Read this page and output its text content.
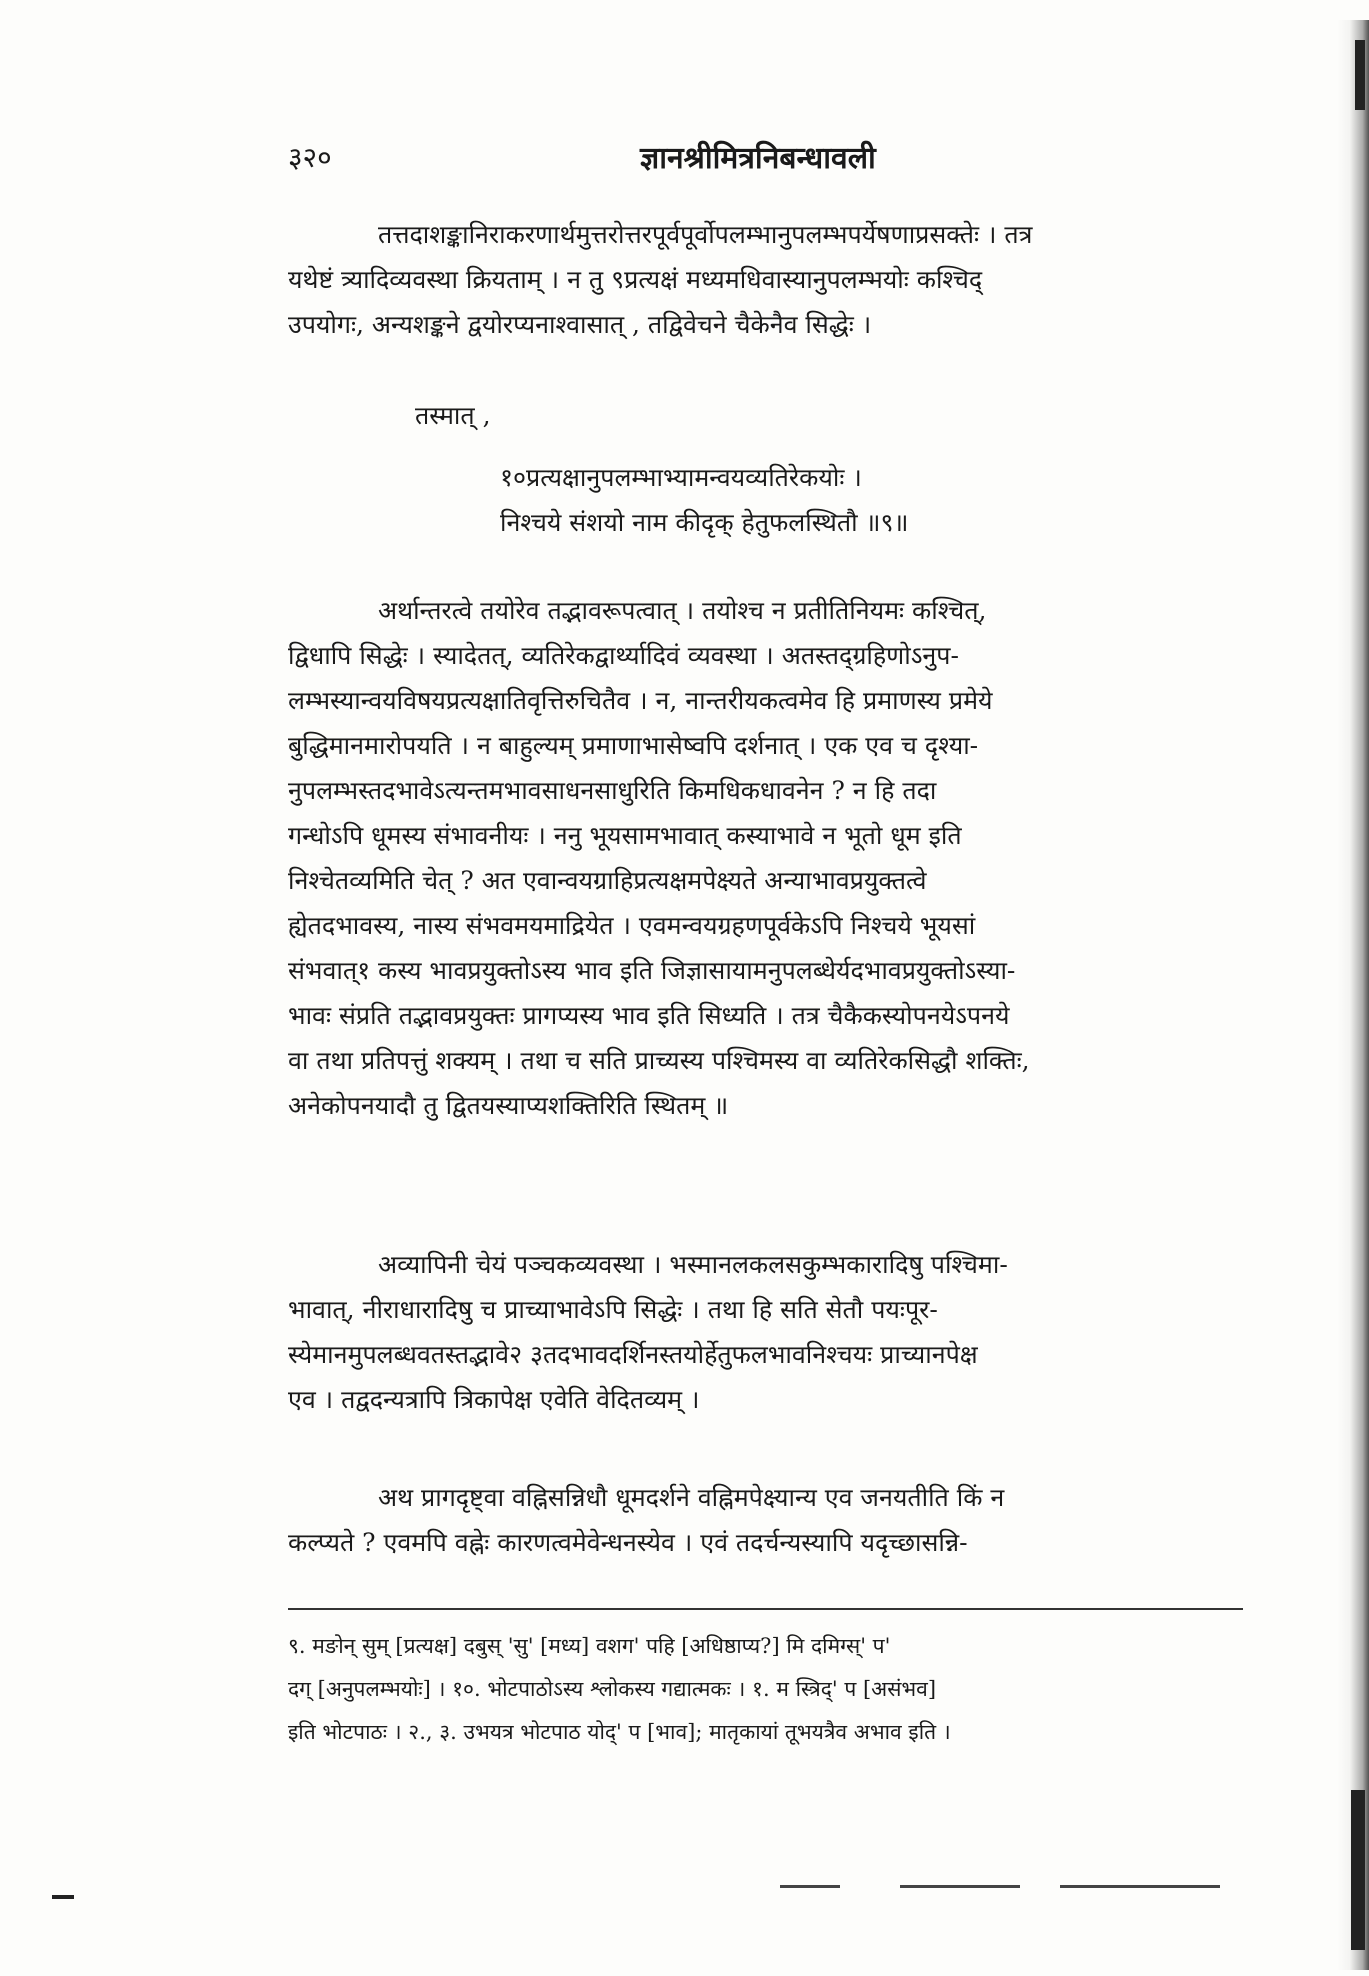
३२०	ज्ञानश्रीमित्रनिबन्धावली
तत्तदाशङ्कानिराकरणार्थमुत्तरोत्तरपूर्वपूर्वोपलम्भानुपलम्भपर्येषणाप्रसक्तेः । तत्र
यथेष्टं त्र्यादिव्यवस्था क्रियताम् । न तु ९प्रत्यक्षं मध्यमधिवास्यानुपलम्भयोः कश्चिद्
उपयोगः, अन्यशङ्कने द्वयोरप्यनाश्वासात् , तद्विवेचने चैकेनैव सिद्धेः ।
तस्मात् ,
१०प्रत्यक्षानुपलम्भाभ्यामन्वयव्यतिरेकयोः ।
निश्चये संशयो नाम कीदृक् हेतुफलस्थितौ ॥९॥
अर्थान्तरत्वे तयोरेव तद्भावरूपत्वात् । तयोश्च न प्रतीतिनियमः कश्चित्,
द्विधापि सिद्धेः । स्यादेतत्, व्यतिरेकद्वार्थ्यादिवं व्यवस्था । अतस्तद्ग्रहिणोऽनुप-
लम्भस्यान्वयविषयप्रत्यक्षातिवृत्तिरुचितैव । न, नान्तरीयकत्वमेव हि प्रमाणस्य प्रमेये
बुद्धिमानमारोपयति । न बाहुल्यम् प्रमाणाभासेष्वपि दर्शनात् । एक एव च दृश्या-
नुपलम्भस्तदभावेऽत्यन्तमभावसाधनसाधुरिति किमधिकधावनेन ? न हि तदा
गन्धोऽपि धूमस्य संभावनीयः । ननु भूयसामभावात् कस्याभावे न भूतो धूम इति
निश्चेतव्यमिति चेत् ? अत एवान्वयग्राहिप्रत्यक्षमपेक्ष्यते अन्याभावप्रयुक्तत्वे
ह्येतदभावस्य, नास्य संभवमयमाद्रियेत । एवमन्वयग्रहणपूर्वकेऽपि निश्चये भूयसां
संभवात्१ कस्य भावप्रयुक्तोऽस्य भाव इति जिज्ञासायामनुपलब्धेर्यदभावप्रयुक्तोऽस्या-
भावः संप्रति तद्भावप्रयुक्तः प्रागप्यस्य भाव इति सिध्यति । तत्र चैकैकस्योपनयेऽपनये
वा तथा प्रतिपत्तुं शक्यम् । तथा च सति प्राच्यस्य पश्चिमस्य वा व्यतिरेकसिद्धौ शक्तिः,
अनेकोपनयादौ तु द्वितयस्याप्यशक्तिरिति स्थितम् ॥
अव्यापिनी चेयं पञ्चकव्यवस्था । भस्मानलकलसकुम्भकारादिषु पश्चिमा-
भावात्, नीराधारादिषु च प्राच्याभावेऽपि सिद्धेः । तथा हि सति सेतौ पयःपूर-
स्येमानमुपलब्धवतस्तद्भावे२ ३तदभावदर्शिनस्तयोर्हेतुफलभावनिश्चयः प्राच्यानपेक्ष
एव । तद्वदन्यत्रापि त्रिकापेक्ष एवेति वेदितव्यम् ।
अथ प्रागदृष्ट्वा वह्निसन्निधौ धूमदर्शने वह्निमपेक्ष्यान्य एव जनयतीति किं न
कल्प्यते ? एवमपि वह्नेः कारणत्वमेवेन्धनस्येव । एवं तदर्चन्यस्यापि यदृच्छासन्नि-
९. मङोन् सुम् [प्रत्यक्ष] दबुस् 'सु' [मध्य] वशग' पहि [अधिष्ठाप्य?] मि दमिग्स्' प'
दग् [अनुपलम्भयोः] । १०. भोटपाठोऽस्य श्लोकस्य गद्यात्मकः । १. म स्त्रिद्' प [असंभव]
इति भोटपाठः । २., ३. उभयत्र भोटपाठ योद्' प [भाव]; मातृकायां तूभयत्रैव अभाव इति ।
